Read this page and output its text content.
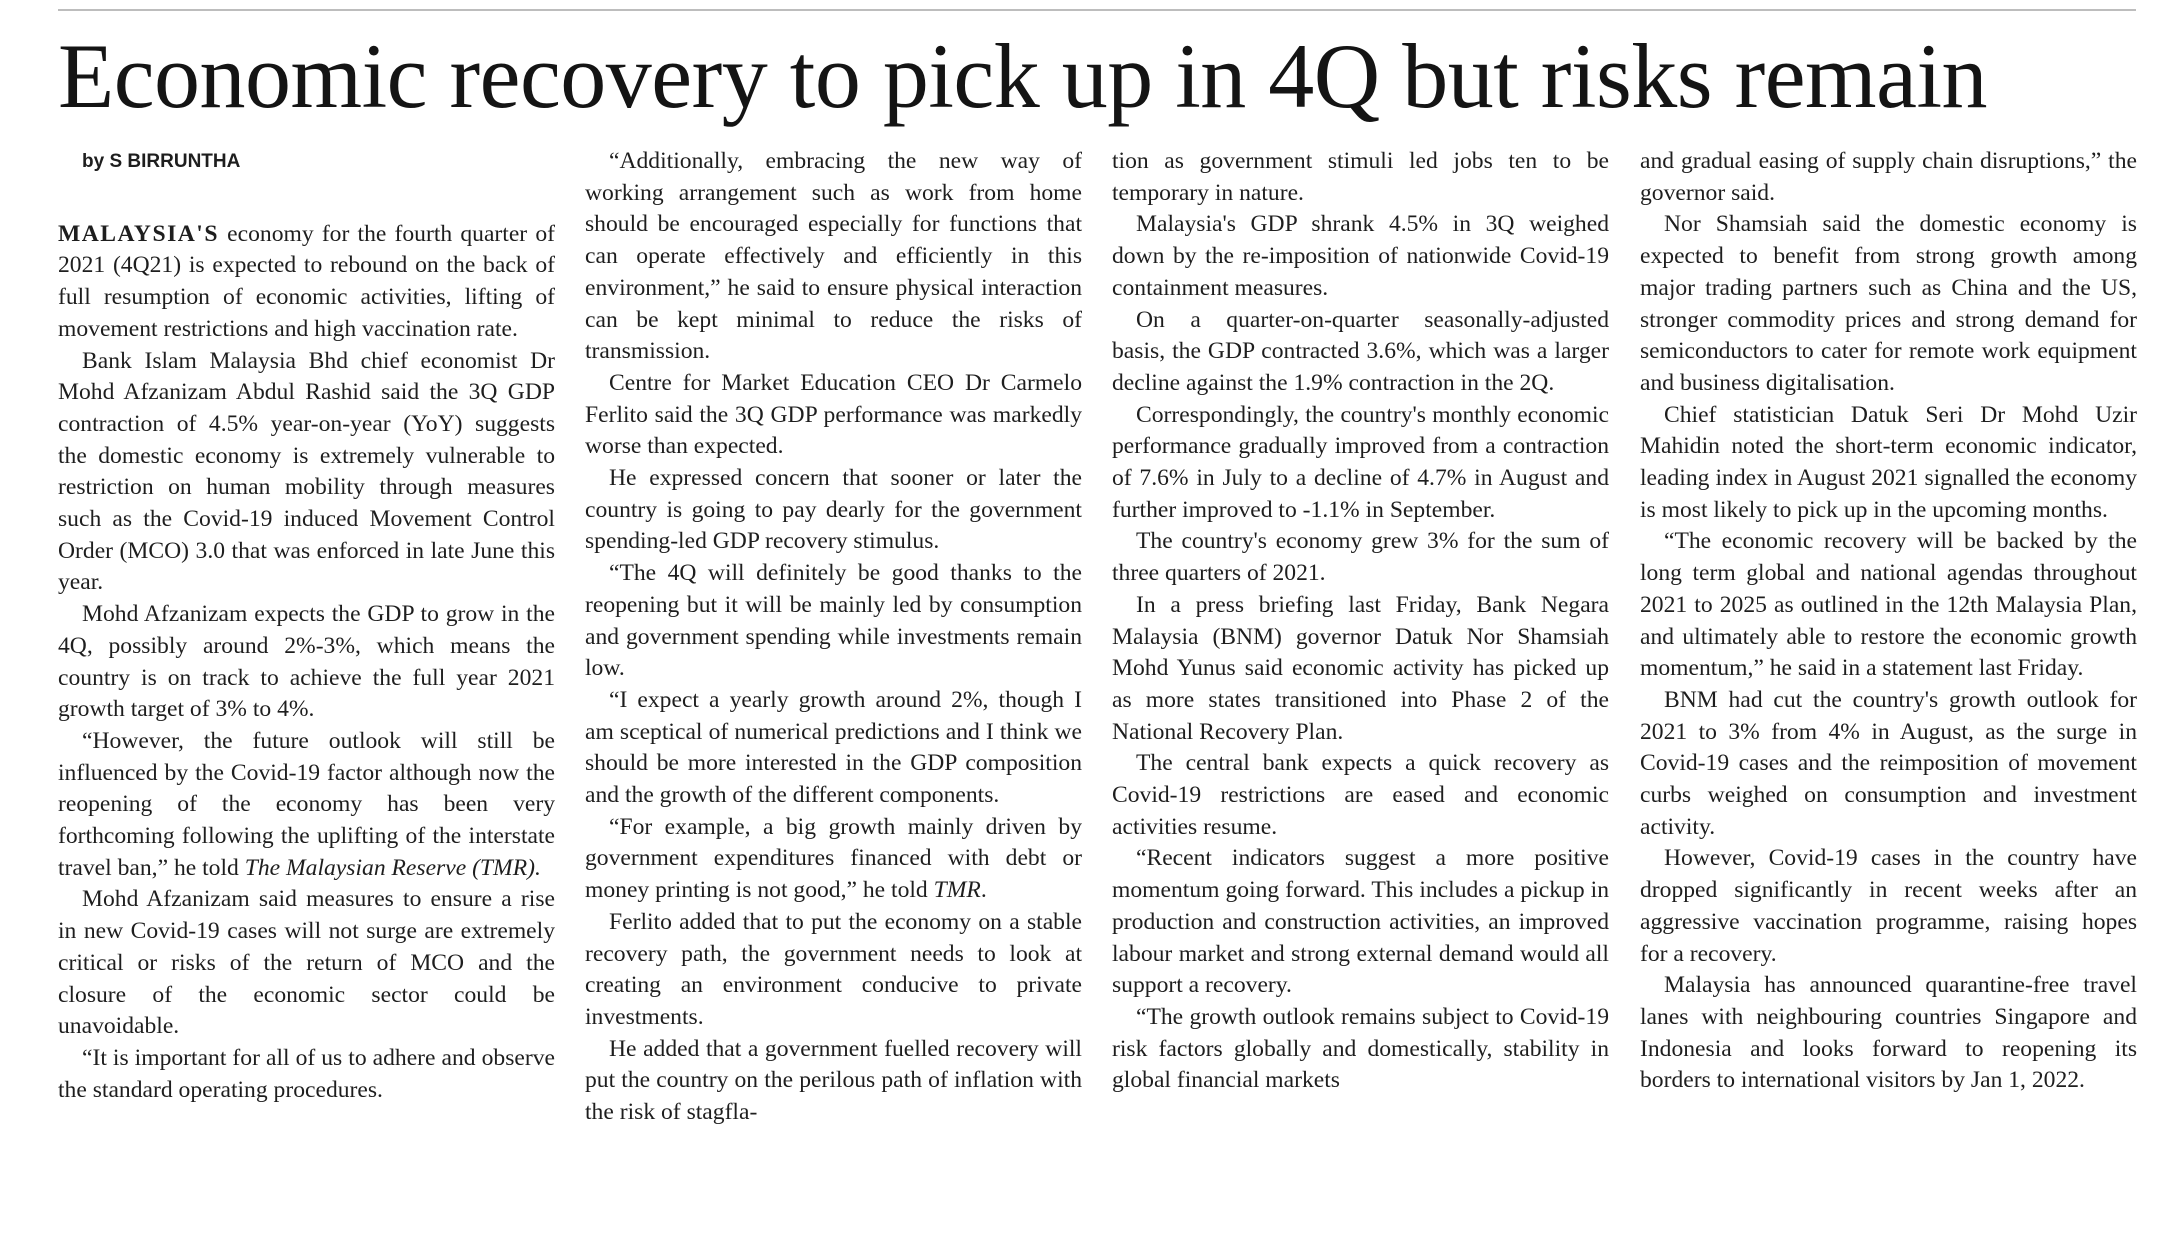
Economic recovery to pick up in 4Q but risks remain

by S BIRRUNTHA

MALAYSIA'S economy for the fourth quarter of 2021 (4Q21) is expected to rebound on the back of full resumption of economic activities, lifting of movement restrictions and high vaccination rate.

Bank Islam Malaysia Bhd chief economist Dr Mohd Afzanizam Abdul Rashid said the 3Q GDP contraction of 4.5% year-on-year (YoY) suggests the domestic economy is extremely vulnerable to restriction on human mobility through measures such as the Covid-19 induced Movement Control Order (MCO) 3.0 that was enforced in late June this year.

Mohd Afzanizam expects the GDP to grow in the 4Q, possibly around 2%-3%, which means the country is on track to achieve the full year 2021 growth target of 3% to 4%.

“However, the future outlook will still be influenced by the Covid-19 factor although now the reopening of the economy has been very forthcoming following the uplifting of the interstate travel ban,” he told The Malaysian Reserve (TMR).

Mohd Afzanizam said measures to ensure a rise in new Covid-19 cases will not surge are extremely critical or risks of the return of MCO and the closure of the economic sector could be unavoidable.

“It is important for all of us to adhere and observe the standard operating procedures.

“Additionally, embracing the new way of working arrangement such as work from home should be encouraged especially for functions that can operate effectively and efficiently in this environment,” he said to ensure physical interaction can be kept minimal to reduce the risks of transmission.

Centre for Market Education CEO Dr Carmelo Ferlito said the 3Q GDP performance was markedly worse than expected.

He expressed concern that sooner or later the country is going to pay dearly for the government spending-led GDP recovery stimulus.

“The 4Q will definitely be good thanks to the reopening but it will be mainly led by consumption and government spending while investments remain low.

“I expect a yearly growth around 2%, though I am sceptical of numerical predictions and I think we should be more interested in the GDP composition and the growth of the different components.

“For example, a big growth mainly driven by government expenditures financed with debt or money printing is not good,” he told TMR.

Ferlito added that to put the economy on a stable recovery path, the government needs to look at creating an environment conducive to private investments.

He added that a government fuelled recovery will put the country on the perilous path of inflation with the risk of stagfla-

tion as government stimuli led jobs ten to be temporary in nature.

Malaysia's GDP shrank 4.5% in 3Q weighed down by the re-imposition of nationwide Covid-19 containment measures.

On a quarter-on-quarter seasonally-adjusted basis, the GDP contracted 3.6%, which was a larger decline against the 1.9% contraction in the 2Q.

Correspondingly, the country's monthly economic performance gradually improved from a contraction of 7.6% in July to a decline of 4.7% in August and further improved to -1.1% in September.

The country's economy grew 3% for the sum of three quarters of 2021.

In a press briefing last Friday, Bank Negara Malaysia (BNM) governor Datuk Nor Shamsiah Mohd Yunus said economic activity has picked up as more states transitioned into Phase 2 of the National Recovery Plan.

The central bank expects a quick recovery as Covid-19 restrictions are eased and economic activities resume.

“Recent indicators suggest a more positive momentum going forward. This includes a pickup in production and construction activities, an improved labour market and strong external demand would all support a recovery.

“The growth outlook remains subject to Covid-19 risk factors globally and domestically, stability in global financial markets

and gradual easing of supply chain disruptions,” the governor said.

Nor Shamsiah said the domestic economy is expected to benefit from strong growth among major trading partners such as China and the US, stronger commodity prices and strong demand for semiconductors to cater for remote work equipment and business digitalisation.

Chief statistician Datuk Seri Dr Mohd Uzir Mahidin noted the short-term economic indicator, leading index in August 2021 signalled the economy is most likely to pick up in the upcoming months.

“The economic recovery will be backed by the long term global and national agendas throughout 2021 to 2025 as outlined in the 12th Malaysia Plan, and ultimately able to restore the economic growth momentum,” he said in a statement last Friday.

BNM had cut the country's growth outlook for 2021 to 3% from 4% in August, as the surge in Covid-19 cases and the reimposition of movement curbs weighed on consumption and investment activity.

However, Covid-19 cases in the country have dropped significantly in recent weeks after an aggressive vaccination programme, raising hopes for a recovery.

Malaysia has announced quarantine-free travel lanes with neighbouring countries Singapore and Indonesia and looks forward to reopening its borders to international visitors by Jan 1, 2022.
